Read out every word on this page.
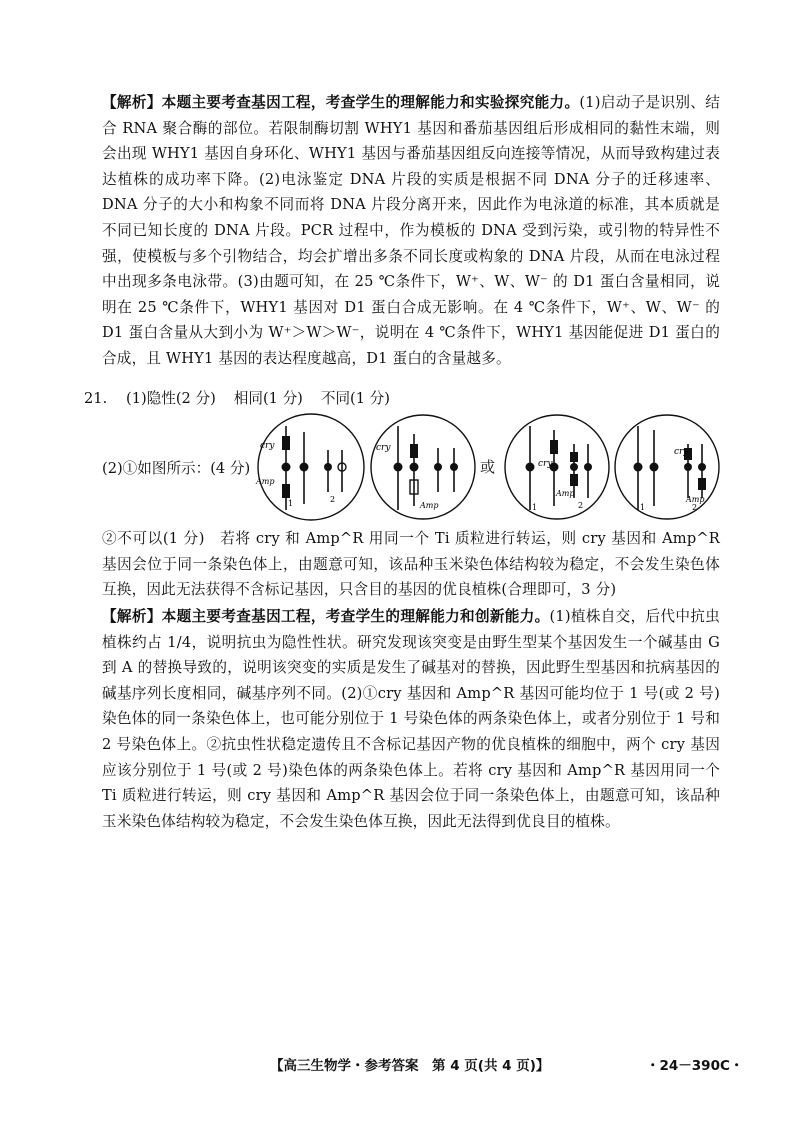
【解析】本题主要考查基因工程，考查学生的理解能力和实验探究能力。(1)启动子是识别、结合 RNA 聚合酶的部位。若限制酶切割 WHY1 基因和番茄基因组后形成相同的黏性末端，则会出现 WHY1 基因自身环化、WHY1 基因与番茄基因组反向连接等情况，从而导致构建过表达植株的成功率下降。(2)电泳鉴定 DNA 片段的实质是根据不同 DNA 分子的迁移速率、DNA 分子的大小和构象不同而将 DNA 片段分离开来，因此作为电泳道的标准，其本质就是不同已知长度的 DNA 片段。PCR 过程中，作为模板的 DNA 受到污染，或引物的特异性不强，使模板与多个引物结合，均会扩增出多条不同长度或构象的 DNA 片段，从而在电泳过程中出现多条电泳带。(3)由题可知，在 25 ℃条件下，W⁺、W、W⁻ 的 D1 蛋白含量相同，说明在 25 ℃条件下，WHY1 基因对 D1 蛋白合成无影响。在 4 ℃条件下，W⁺、W、W⁻ 的 D1 蛋白含量从大到小为 W⁺＞W＞W⁻，说明在 4 ℃条件下，WHY1 基因能促进 D1 蛋白的合成，且 WHY1 基因的表达程度越高，D1 蛋白的含量越多。
21. (1)隐性(2 分) 相同(1 分) 不同(1 分)
(2)①如图所示：(4 分)	或
cry
Amp
1	2
cry
Amp
cry
Amp
1	2
cry
Amp
1	2
②不可以(1 分)　若将 cry 和 Amp^R 用同一个 Ti 质粒进行转运，则 cry 基因和 Amp^R 基因会位于同一条染色体上，由题意可知，该品种玉米染色体结构较为稳定，不会发生染色体互换，因此无法获得不含标记基因，只含目的基因的优良植株(合理即可，3 分)
【解析】本题主要考查基因工程，考查学生的理解能力和创新能力。(1)植株自交，后代中抗虫植株约占 1/4，说明抗虫为隐性性状。研究发现该突变是由野生型某个基因发生一个碱基由 G 到 A 的替换导致的，说明该突变的实质是发生了碱基对的替换，因此野生型基因和抗病基因的碱基序列长度相同，碱基序列不同。(2)①cry 基因和 Amp^R 基因可能均位于 1 号(或 2 号)染色体的同一条染色体上，也可能分别位于 1 号染色体的两条染色体上，或者分别位于 1 号和 2 号染色体上。②抗虫性状稳定遗传且不含标记基因产物的优良植株的细胞中，两个 cry 基因应该分别位于 1 号(或 2 号)染色体的两条染色体上。若将 cry 基因和 Amp^R 基因用同一个 Ti 质粒进行转运，则 cry 基因和 Amp^R 基因会位于同一条染色体上，由题意可知，该品种玉米染色体结构较为稳定，不会发生染色体互换，因此无法得到优良目的植株。
【高三生物学・参考答案　第 4 页(共 4 页)】	・24－390C・
